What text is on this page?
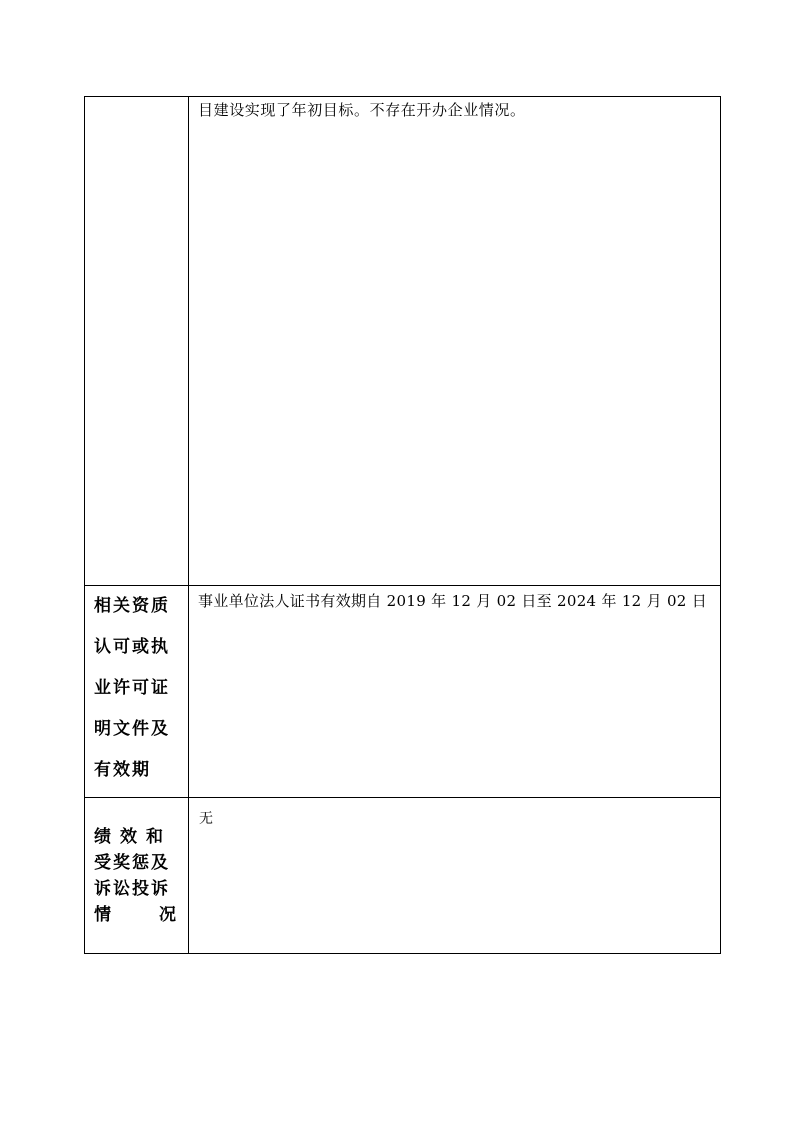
	目建设实现了年初目标。不存在开办企业情况。

相关资质
认可或执
业许可证
明文件及
有效期	事业单位法人证书有效期自 2019 年 12 月 02 日至 2024 年 12 月 02 日

绩效和
受奖惩及
诉讼投诉
情 况	无
